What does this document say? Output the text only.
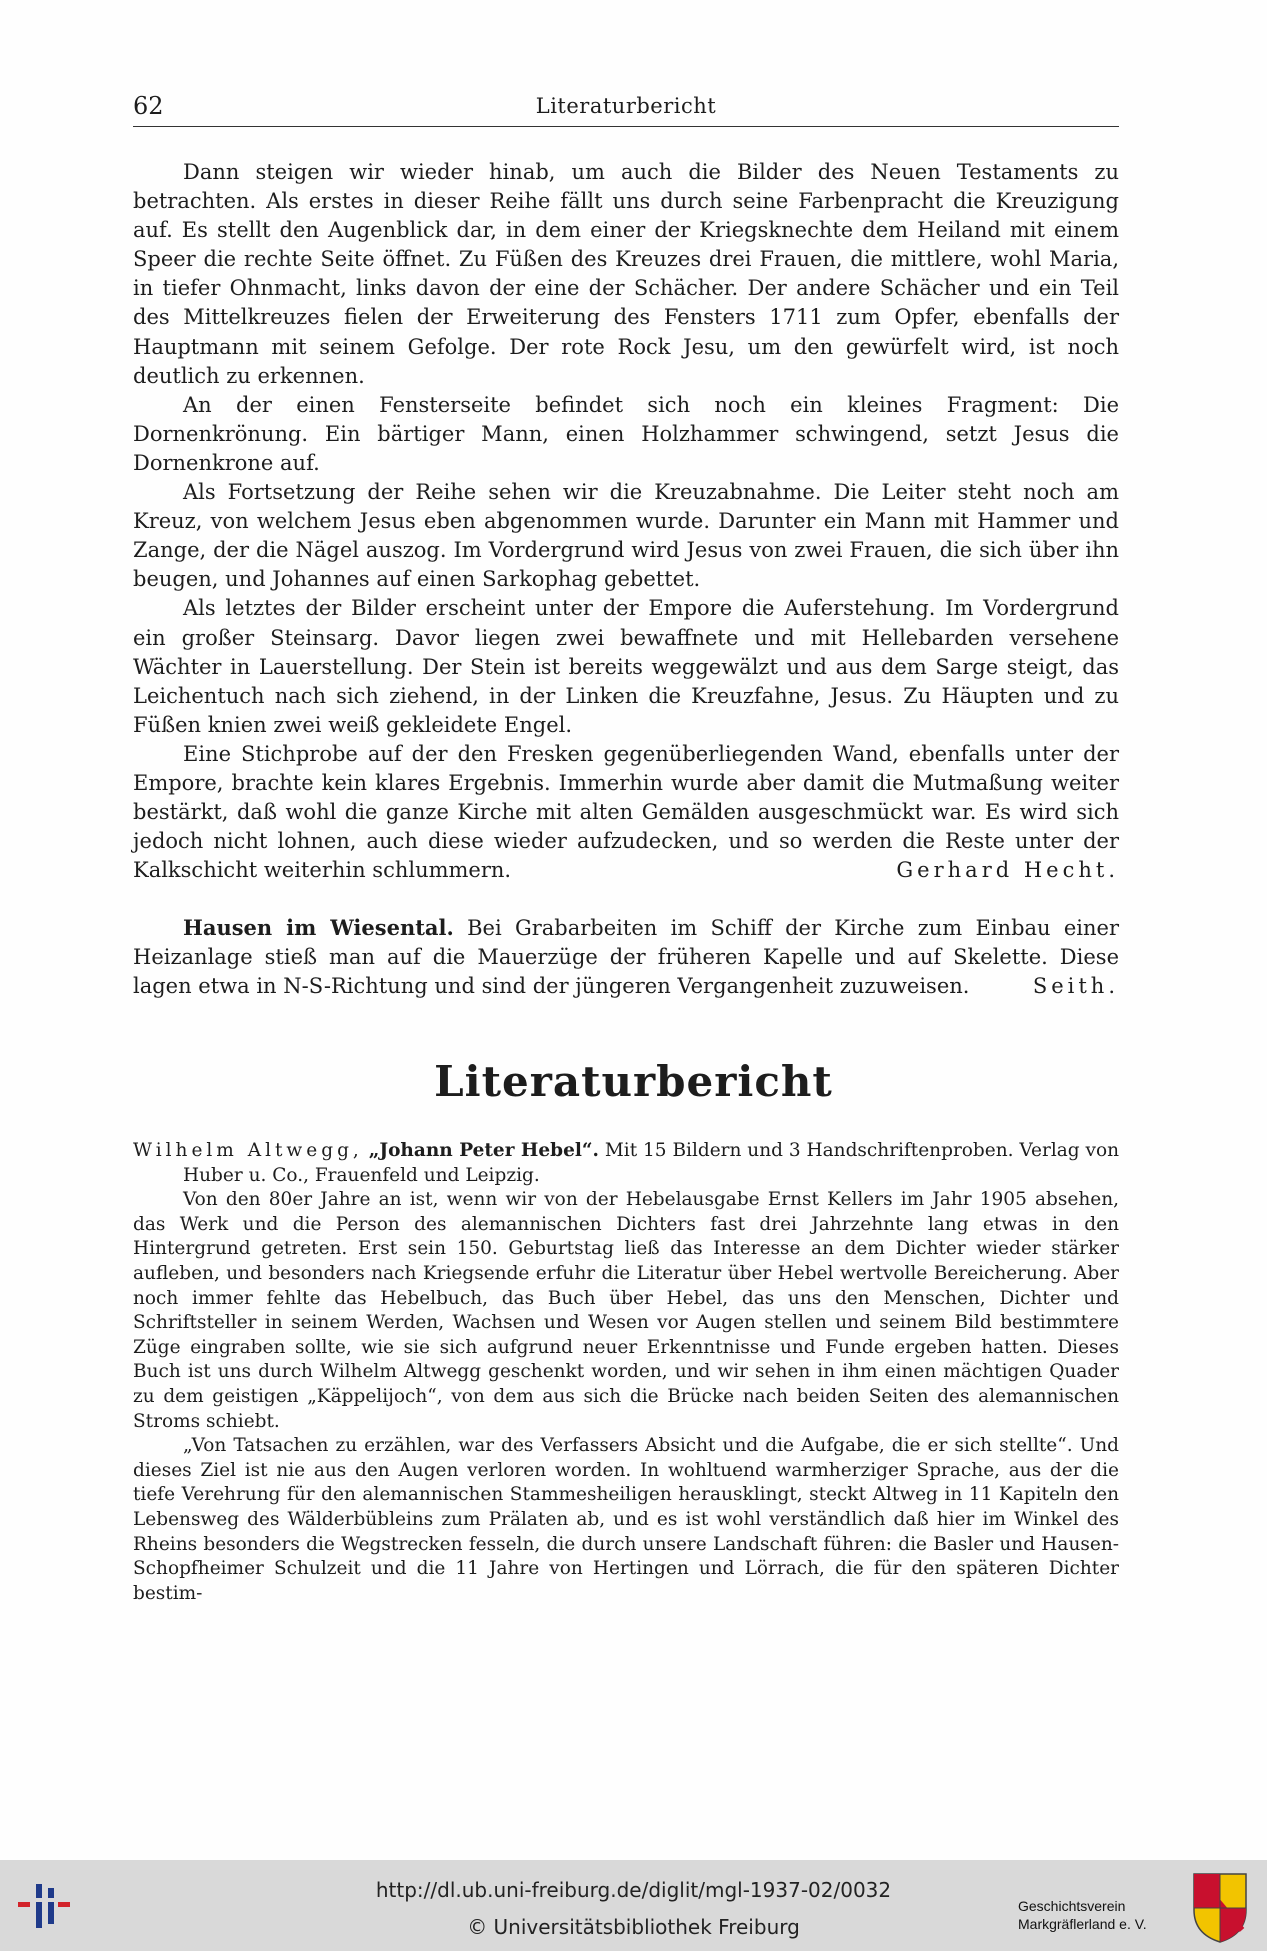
62	Literaturbericht

Dann steigen wir wieder hinab, um auch die Bilder des Neuen Testaments zu betrachten. Als erstes in dieser Reihe fällt uns durch seine Farbenpracht die Kreuzigung auf. Es stellt den Augenblick dar, in dem einer der Kriegsknechte dem Heiland mit einem Speer die rechte Seite öffnet. Zu Füßen des Kreuzes drei Frauen, die mittlere, wohl Maria, in tiefer Ohnmacht, links davon der eine der Schächer. Der andere Schächer und ein Teil des Mittelkreuzes fielen der Erweiterung des Fensters 1711 zum Opfer, ebenfalls der Hauptmann mit seinem Gefolge. Der rote Rock Jesu, um den gewürfelt wird, ist noch deutlich zu erkennen.

An der einen Fensterseite befindet sich noch ein kleines Fragment: Die Dornenkrönung. Ein bärtiger Mann, einen Holzhammer schwingend, setzt Jesus die Dornenkrone auf.

Als Fortsetzung der Reihe sehen wir die Kreuzabnahme. Die Leiter steht noch am Kreuz, von welchem Jesus eben abgenommen wurde. Darunter ein Mann mit Hammer und Zange, der die Nägel auszog. Im Vordergrund wird Jesus von zwei Frauen, die sich über ihn beugen, und Johannes auf einen Sarkophag gebettet.

Als letztes der Bilder erscheint unter der Empore die Auferstehung. Im Vordergrund ein großer Steinsarg. Davor liegen zwei bewaffnete und mit Hellebarden versehene Wächter in Lauerstellung. Der Stein ist bereits weggewälzt und aus dem Sarge steigt, das Leichentuch nach sich ziehend, in der Linken die Kreuzfahne, Jesus. Zu Häupten und zu Füßen knien zwei weiß gekleidete Engel.

Eine Stichprobe auf der den Fresken gegenüberliegenden Wand, ebenfalls unter der Empore, brachte kein klares Ergebnis. Immerhin wurde aber damit die Mutmaßung weiter bestärkt, daß wohl die ganze Kirche mit alten Gemälden ausgeschmückt war. Es wird sich jedoch nicht lohnen, auch diese wieder aufzudecken, und so werden die Reste unter der Kalkschicht weiterhin schlummern.	Gerhard Hecht.

Hausen im Wiesental. Bei Grabarbeiten im Schiff der Kirche zum Einbau einer Heizanlage stieß man auf die Mauerzüge der früheren Kapelle und auf Skelette. Diese lagen etwa in N-S-Richtung und sind der jüngeren Vergangenheit zuzuweisen.	Seith.

Literaturbericht

Wilhelm Altwegg, „Johann Peter Hebel“. Mit 15 Bildern und 3 Handschriftenproben. Verlag von Huber u. Co., Frauenfeld und Leipzig.

Von den 80er Jahre an ist, wenn wir von der Hebelausgabe Ernst Kellers im Jahr 1905 absehen, das Werk und die Person des alemannischen Dichters fast drei Jahrzehnte lang etwas in den Hintergrund getreten. Erst sein 150. Geburtstag ließ das Interesse an dem Dichter wieder stärker aufleben, und besonders nach Kriegsende erfuhr die Literatur über Hebel wertvolle Bereicherung. Aber noch immer fehlte das Hebelbuch, das Buch über Hebel, das uns den Menschen, Dichter und Schriftsteller in seinem Werden, Wachsen und Wesen vor Augen stellen und seinem Bild bestimmtere Züge eingraben sollte, wie sie sich aufgrund neuer Erkenntnisse und Funde ergeben hatten. Dieses Buch ist uns durch Wilhelm Altwegg geschenkt worden, und wir sehen in ihm einen mächtigen Quader zu dem geistigen „Käppelijoch“, von dem aus sich die Brücke nach beiden Seiten des alemannischen Stroms schiebt.

„Von Tatsachen zu erzählen, war des Verfassers Absicht und die Aufgabe, die er sich stellte“. Und dieses Ziel ist nie aus den Augen verloren worden. In wohltuend warmherziger Sprache, aus der die tiefe Verehrung für den alemannischen Stammesheiligen herausklingt, steckt Altweg in 11 Kapiteln den Lebensweg des Wälderbübleins zum Prälaten ab, und es ist wohl verständlich daß hier im Winkel des Rheins besonders die Wegstrecken fesseln, die durch unsere Landschaft führen: die Basler und Hausen-Schopfheimer Schulzeit und die 11 Jahre von Hertingen und Lörrach, die für den späteren Dichter bestim-

http://dl.ub.uni-freiburg.de/diglit/mgl-1937-02/0032
© Universitätsbibliothek Freiburg
Geschichtsverein
Markgräflerland e. V.
